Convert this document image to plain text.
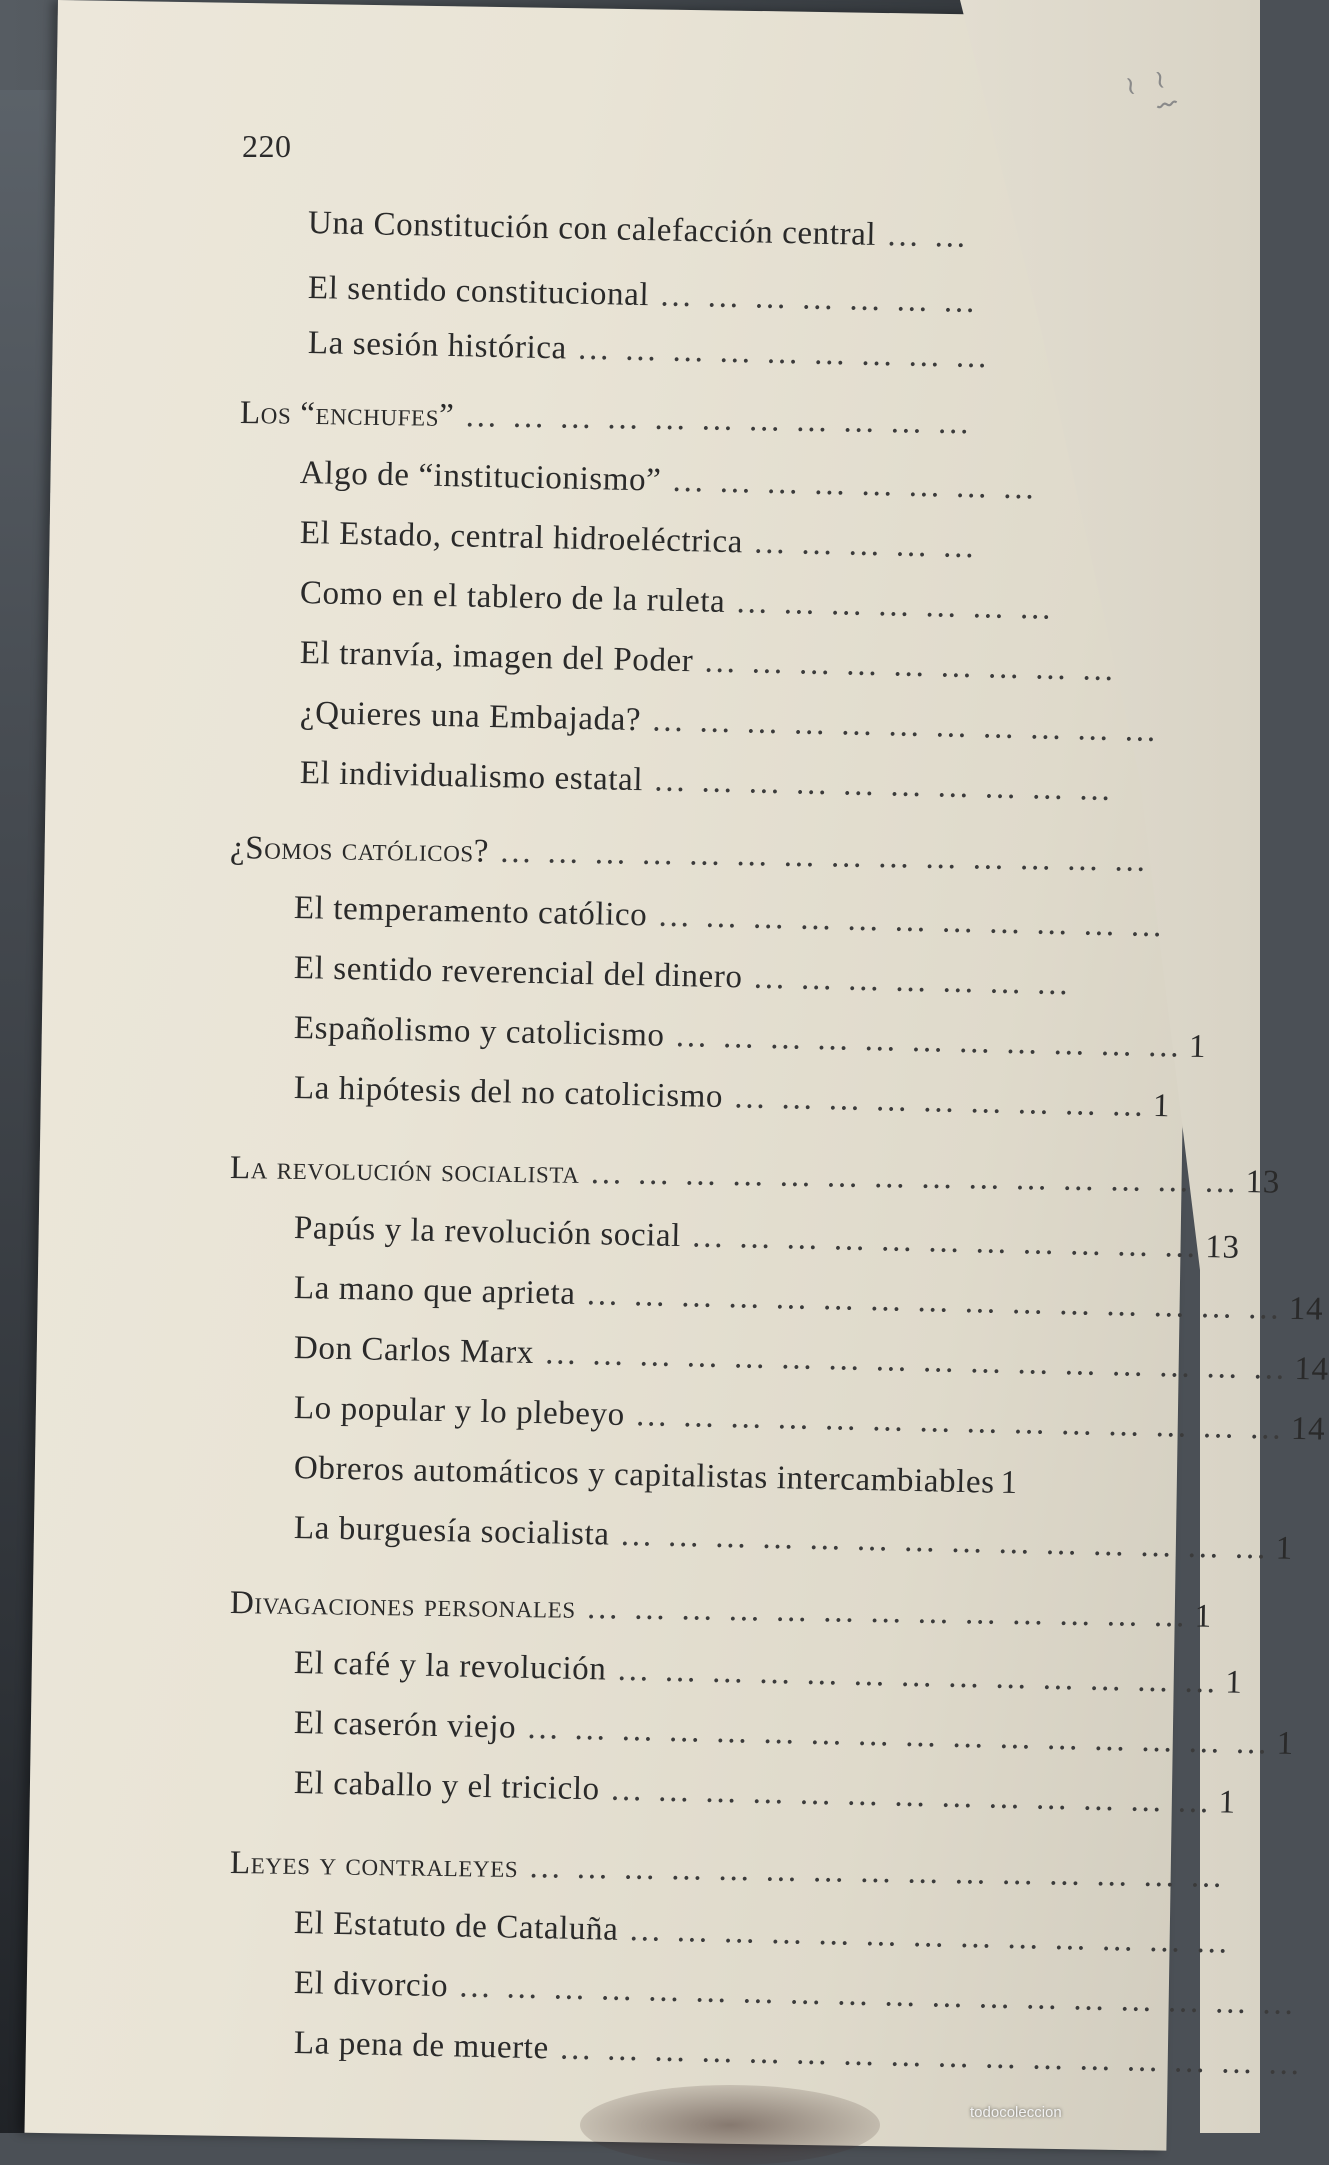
~ ⌇ ~
220
Una Constitución con calefacción central … …
El sentido constitucional … … … … … … …
La sesión histórica … … … … … … … … …
Los “enchufes” … … … … … … … … … … …
Algo de “institucionismo” … … … … … … … …
El Estado, central hidroeléctrica … … … … …
Como en el tablero de la ruleta … … … … … … …
El tranvía, imagen del Poder … … … … … … … … …
¿Quieres una Embajada? … … … … … … … … … … …
El individualismo estatal … … … … … … … … … …
¿Somos católicos? … … … … … … … … … … … … … …
El temperamento católico … … … … … … … … … … …
El sentido reverencial del dinero … … … … … … …
Españolismo y catolicismo … … … … … … … … … … … 1
La hipótesis del no catolicismo … … … … … … … … … 1
La revolución socialista … … … … … … … … … … … … … … 13
Papús y la revolución social … … … … … … … … … … … 13
La mano que aprieta … … … … … … … … … … … … … … … 14
Don Carlos Marx … … … … … … … … … … … … … … … … 14
Lo popular y lo plebeyo … … … … … … … … … … … … … … 14
Obreros automáticos y capitalistas intercambiables 1
La burguesía socialista … … … … … … … … … … … … … … 1
Divagaciones personales … … … … … … … … … … … … … 1
El café y la revolución … … … … … … … … … … … … … 1
El caserón viejo … … … … … … … … … … … … … … … … 1
El caballo y el triciclo … … … … … … … … … … … … … 1
Leyes y contraleyes … … … … … … … … … … … … … … …
El Estatuto de Cataluña … … … … … … … … … … … … …
El divorcio … … … … … … … … … … … … … … … … … …
La pena de muerte … … … … … … … … … … … … … … … …
todocoleccion
